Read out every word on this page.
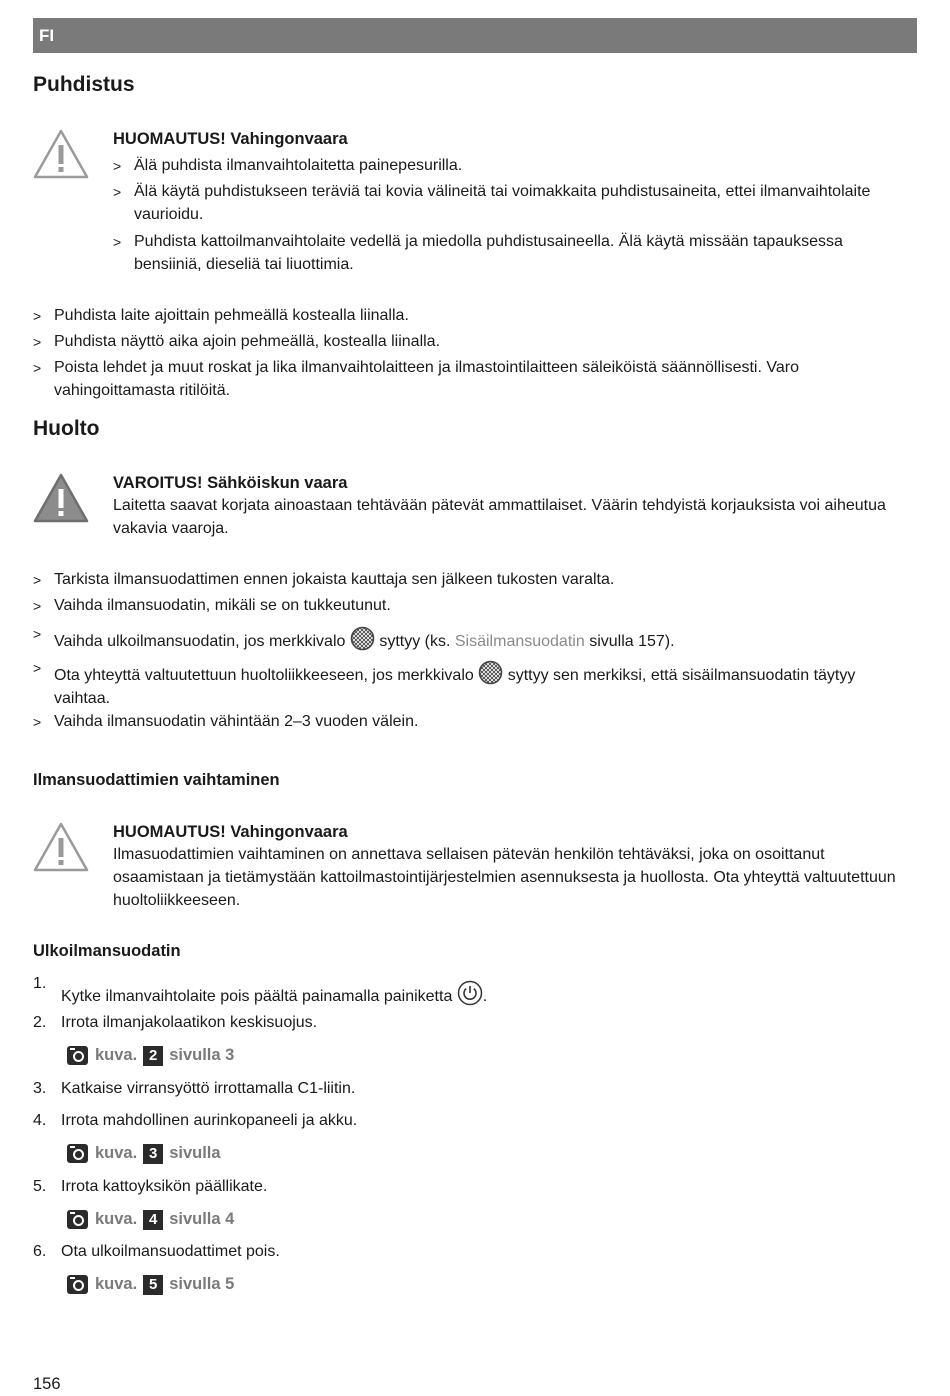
FI
Puhdistus
HUOMAUTUS! Vahingonvaara
> Älä puhdista ilmanvaihtolaitetta painepesurilla.
> Älä käytä puhdistukseen teräviä tai kovia välineitä tai voimakkaita puhdistusaineita, ettei ilmanvaihtolaite vaurioidu.
> Puhdista kattoilmanvaihtolaite vedellä ja miedolla puhdistusaineella. Älä käytä missään tapauksessa bensiiniä, dieseliä tai liuottimia.
> Puhdista laite ajoittain pehmeällä kostealla liinalla.
> Puhdista näyttö aika ajoin pehmeällä, kostealla liinalla.
> Poista lehdet ja muut roskat ja lika ilmanvaihtolaitteen ja ilmastointilaitteen säleiköistä säännöllisesti. Varo vahingoittamasta ritilöitä.
Huolto
VAROITUS! Sähköiskun vaara
Laitetta saavat korjata ainoastaan tehtävään pätevät ammattilaiset. Väärin tehdyistä korjauksista voi aiheutua vakavia vaaroja.
> Tarkista ilmansuodattimen ennen jokaista kauttaja sen jälkeen tukosten varalta.
> Vaihda ilmansuodatin, mikäli se on tukkeutunut.
> Vaihda ulkoilmansuodatin, jos merkkivalo syttyy (ks. Sisäilmansuodatin sivulla 157).
> Ota yhteyttä valtuutettuun huoltoliikkeeseen, jos merkkivalo syttyy sen merkiksi, että sisäilmansuodatin täytyy vaihtaa.
> Vaihda ilmansuodatin vähintään 2–3 vuoden välein.
Ilmansuodattimien vaihtaminen
HUOMAUTUS! Vahingonvaara
Ilmasuodattimien vaihtaminen on annettava sellaisen pätevän henkilön tehtäväksi, joka on osoittanut osaamistaan ja tietämystään kattoilmastointijärjestelmien asennuksesta ja huollosta. Ota yhteyttä valtuutettuun huoltoliikkeeseen.
Ulkoilmansuodatin
1.
Kytke ilmanvaihtolaite pois päältä painamalla painiketta .
2. Irrota ilmanjakolaatikon keskisuojus.
kuva. 2 sivulla 3
3. Katkaise virransyöttö irrottamalla C1-liitin.
4. Irrota mahdollinen aurinkopaneeli ja akku.
kuva. 3 sivulla
5. Irrota kattoyksikön päällikate.
kuva. 4 sivulla 4
6. Ota ulkoilmansuodattimet pois.
kuva. 5 sivulla 5
156
